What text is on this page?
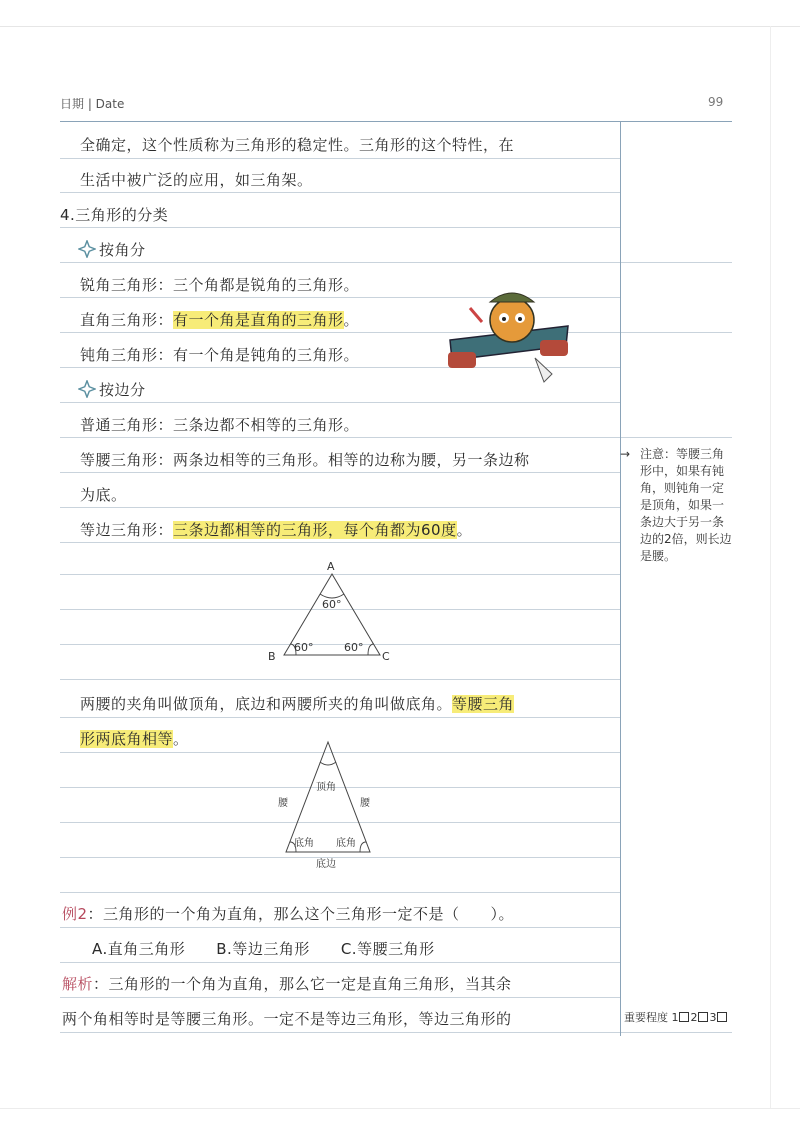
日期 | Date	99
全确定，这个性质称为三角形的稳定性。三角形的这个特性，在
生活中被广泛的应用，如三角架。
4.三角形的分类
按角分
锐角三角形：三个角都是锐角的三角形。
直角三角形：有一个角是直角的三角形。
钝角三角形：有一个角是钝角的三角形。
按边分
普通三角形：三条边都不相等的三角形。
等腰三角形：两条边相等的三角形。相等的边称为腰，另一条边称
为底。
等边三角形：三条边都相等的三角形，每个角都为60度。
A
B	C
60°
60°	60°
两腰的夹角叫做顶角，底边和两腰所夹的角叫做底角。等腰三角
形两底角相等。
顶角
腰	腰
底角 底角
底边
例2：三角形的一个角为直角，那么这个三角形一定不是（　　）。
A.直角三角形　　B.等边三角形　　C.等腰三角形
解析：三角形的一个角为直角，那么它一定是直角三角形，当其余
两个角相等时是等腰三角形。一定不是等边三角形，等边三角形的
→ 注意：等腰三角形中，如果有钝角，则钝角一定是顶角，如果一条边大于另一条边的2倍，则长边是腰。
重要程度 1 2 3
